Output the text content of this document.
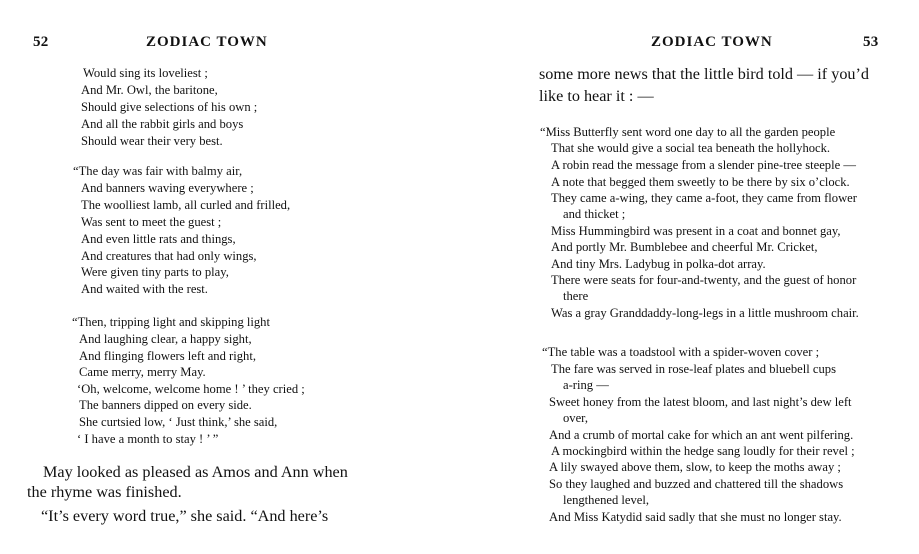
52	ZODIAC TOWN
Would sing its loveliest ;
And Mr. Owl, the baritone,
Should give selections of his own ;
And all the rabbit girls and boys
Should wear their very best.
“The day was fair with balmy air,
And banners waving everywhere ;
The woolliest lamb, all curled and frilled,
Was sent to meet the guest ;
And even little rats and things,
And creatures that had only wings,
Were given tiny parts to play,
And waited with the rest.
“Then, tripping light and skipping light
And laughing clear, a happy sight,
And flinging flowers left and right,
Came merry, merry May.
‘Oh, welcome, welcome home ! ’ they cried ;
The banners dipped on every side.
She curtsied low, ‘ Just think,’ she said,
‘ I have a month to stay ! ’ ”
May looked as pleased as Amos and Ann when
the rhyme was finished.
“It’s every word true,” she said. “And here’s
ZODIAC TOWN	53
some more news that the little bird told — if you’d
like to hear it : —
“Miss Butterfly sent word one day to all the garden people
That she would give a social tea beneath the hollyhock.
A robin read the message from a slender pine-tree steeple —
A note that begged them sweetly to be there by six o’clock.
They came a-wing, they came a-foot, they came from flower
and thicket ;
Miss Hummingbird was present in a coat and bonnet gay,
And portly Mr. Bumblebee and cheerful Mr. Cricket,
And tiny Mrs. Ladybug in polka-dot array.
There were seats for four-and-twenty, and the guest of honor
there
Was a gray Granddaddy-long-legs in a little mushroom chair.
“The table was a toadstool with a spider-woven cover ;
The fare was served in rose-leaf plates and bluebell cups
a-ring —
Sweet honey from the latest bloom, and last night’s dew left
over,
And a crumb of mortal cake for which an ant went pilfering.
A mockingbird within the hedge sang loudly for their revel ;
A lily swayed above them, slow, to keep the moths away ;
So they laughed and buzzed and chattered till the shadows
lengthened level,
And Miss Katydid said sadly that she must no longer stay.
